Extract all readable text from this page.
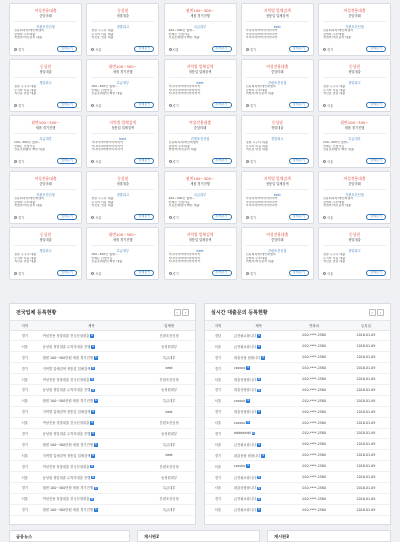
여성전용대출
중앙미래
간편조건신청
신용회복자/개인회생자
실업자·주부대출
취업자/저신용자 대출
경기	상세보기
동성원
정말대출
정말최고
정말 누구나 대출
무직자 이용 대출
저신용 연장 대출
서울	상세보기
월변100~300~
새롭 경기진행
특급대부
100~300만 월변~
언제든 신청가능
신용조회없이 빠른 대출
서울	상세보기
지역별 업체검색
정통업 업체검색
best
가나다라마바사아자차카
가나다라마바사아자차카
가나다라마바사아자차카
경기	상세보기
여성전용대출
중앙미래
간편조건신청
신용회복자/개인회생자
실업자·주부대출
취업자/저신용자 대출
경기	상세보기
동성원
정말대출
정말최고
정말 누구나 대출
무직자 이용 대출
저신용 연장 대출
경기	상세보기
월변100~300~
새롭 경기진행
특급대부
100~300만 월변~
언제든 신청가능
신용조회없이 빠른 대출
서울	상세보기
지역별 업체검색
정통업 업체검색
best
가나다라마바사아자차카
가나다라마바사아자차카
가나다라마바사아자차카
경기	상세보기
여성전용대출
중앙미래
간편조건신청
신용회복자/개인회생자
실업자·주부대출
취업자/저신용자 대출
경기	상세보기
동성원
정말대출
정말최고
정말 누구나 대출
무직자 이용 대출
저신용 연장 대출
서울	상세보기
월변100~300~
새롭 경기진행
특급대부
100~300만 월변~
언제든 신청가능
신용조회없이 빠른 대출
경기	상세보기
지역별 업체검색
정통업 업체검색
best
가나다라마바사아자차카
가나다라마바사아자차카
가나다라마바사아자차카
서울	상세보기
여성전용대출
중앙미래
간편조건신청
신용회복자/개인회생자
실업자·주부대출
취업자/저신용자 대출
경기	상세보기
동성원
정말대출
정말최고
정말 누구나 대출
무직자 이용 대출
저신용 연장 대출
경기	상세보기
월변100~300~
새롭 경기진행
특급대부
100~300만 월변~
언제든 신청가능
신용조회없이 빠른 대출
서울	상세보기
여성전용대출
중앙미래
간편조건신청
신용회복자/개인회생자
실업자·주부대출
취업자/저신용자 대출
경기	상세보기
동성원
정말대출
정말최고
정말 누구나 대출
무직자 이용 대출
저신용 연장 대출
서울	상세보기
월변100~300~
새롭 경기진행
특급대부
100~300만 월변~
언제든 신청가능
신용조회없이 빠른 대출
경기	상세보기
지역별 업체검색
정통업 업체검색
best
가나다라마바사아자차카
가나다라마바사아자차카
가나다라마바사아자차카
경기	상세보기
여성전용대출
중앙미래
간편조건신청
신용회복자/개인회생자
실업자·주부대출
취업자/저신용자 대출
서울	상세보기
동성원
정말대출
정말최고
정말 누구나 대출
무직자 이용 대출
저신용 연장 대출
경기	상세보기
월변100~300~
새롭 경기진행
특급대부
100~300만 월변~
언제든 신청가능
신용조회없이 빠른 대출
서울	상세보기
지역별 업체검색
정통업 업체검색
best
가나다라마바사아자차카
가나다라마바사아자차카
가나다라마바사아자차카
경기	상세보기
여성전용대출
중앙미래
간편조건신청
신용회복자/개인회생자
실업자·주부대출
취업자/저신용자 대출
경기	상세보기
동성원
정말대출
정말최고
정말 누구나 대출
무직자 이용 대출
저신용 연장 대출
서울	상세보기
전국업체 등록현황	‹	›
지역	제목	업체명
경기	여성전용 정말대출 전국신청대출 N	간편조건신청
서울	동성원 정말대출 무직자대출 진행 N	동성원대부
경기	월변 100~300만원 새롭 경기진행 N	특급대부
경기	지역별 업체검색 정통업 업체검색 N	best
서울	여성전용 정말대출 전국신청대출 N	간편조건신청
경기	동성원 정말대출 무직자대출 진행 N	동성원대부
서울	월변 100~300만원 새롭 경기진행 N	특급대부
경기	지역별 업체검색 정통업 업체검색 N	best
서울	여성전용 정말대출 전국신청대출 N	간편조건신청
경기	동성원 정말대출 무직자대출 진행 N	동성원대부
경기	월변 100~300만원 새롭 경기진행 N	특급대부
서울	지역별 업체검색 정통업 업체검색 N	best
경기	여성전용 정말대출 전국신청대출 N	간편조건신청
서울	동성원 정말대출 무직자대출 진행 N	동성원대부
경기	월변 100~300만원 새롭 경기진행 N	특급대부
서울	여성전용 정말대출 전국신청대출 N	간편조건신청
경기	월변 100~300만원 새롭 경기진행 N	특급대부
실시간 대출문의 등록현황	‹	›
지역	제목	연락처	등록일
경남	급전필요합니다 N	010-****-2580	2018.01.09
서울	급전필요합니다 N	010-****-2580	2018.01.09
경기	대출상담 원합니다 N	010-****-2580	2018.01.09
경기	cococo N	010-****-2580	2018.01.09
서울	대출상담합니다 N	010-****-2580	2018.01.09
경기	대출상담합니다 N	010-****-2580	2018.01.09
서울	cococo N	010-****-2580	2018.01.09
경기	대출상담합니다 N	010-****-2580	2018.01.09
서울	cococo N	010-****-2580	2018.01.09
경기	dddddddd N	010-****-2580	2018.01.09
서울	급전필요합니다 N	010-****-2580	2018.01.09
경기	대출상담 원합니다 N	010-****-2580	2018.01.09
서울	cococo N	010-****-2580	2018.01.09
경기	급전필요합니다 N	010-****-2580	2018.01.09
서울	대출상담합니다 N	010-****-2580	2018.01.09
경기	급전필요합니다 N	010-****-2580	2018.01.09
서울	급전필요합니다 N	010-****-2580	2018.01.09
금융뉴스	게시판2	게시판3
